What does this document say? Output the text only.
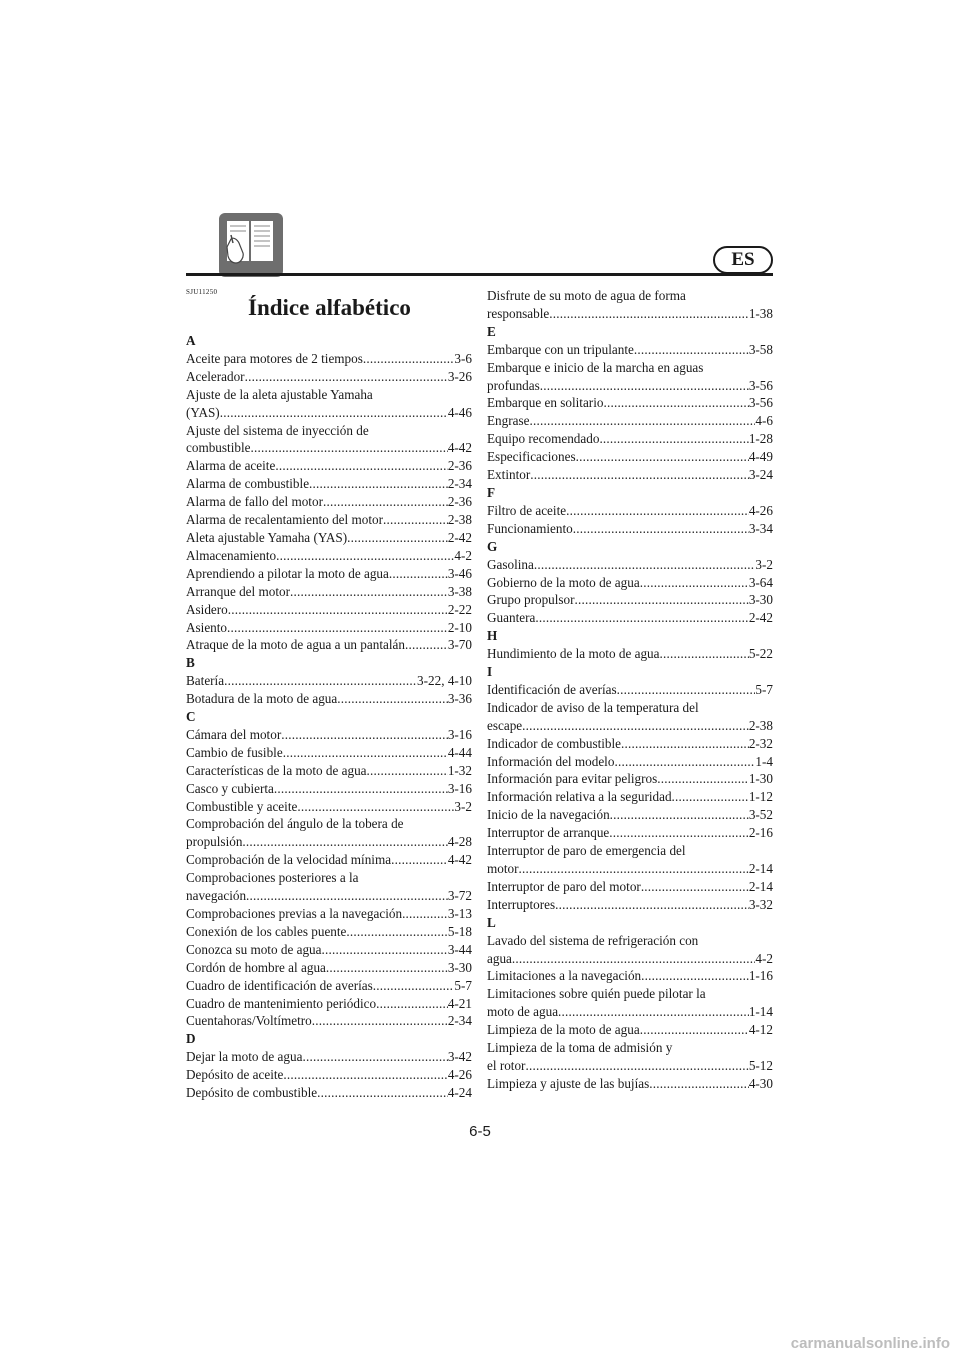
ES
SJU11250
Índice alfabético
A
Aceite para motores de 2 tiempos .....	3-6
Acelerador .....	3-26
Ajuste de la aleta ajustable Yamaha
(YAS) .....	4-46
Ajuste del sistema de inyección de
combustible .....	4-42
Alarma de aceite .....	2-36
Alarma de combustible .....	2-34
Alarma de fallo del motor .....	2-36
Alarma de recalentamiento del motor .....	2-38
Aleta ajustable Yamaha (YAS) .....	2-42
Almacenamiento .....	4-2
Aprendiendo a pilotar la moto de agua .....	3-46
Arranque del motor .....	3-38
Asidero .....	2-22
Asiento .....	2-10
Atraque de la moto de agua a un pantalán .....	3-70
B
Batería .....	3-22, 4-10
Botadura de la moto de agua .....	3-36
C
Cámara del motor .....	3-16
Cambio de fusible .....	4-44
Características de la moto de agua .....	1-32
Casco y cubierta .....	3-16
Combustible y aceite .....	3-2
Comprobación del ángulo de la tobera de
propulsión .....	4-28
Comprobación de la velocidad mínima .....	4-42
Comprobaciones posteriores a la
navegación .....	3-72
Comprobaciones previas a la navegación .....	3-13
Conexión de los cables puente .....	5-18
Conozca su moto de agua .....	3-44
Cordón de hombre al agua .....	3-30
Cuadro de identificación de averías .....	5-7
Cuadro de mantenimiento periódico .....	4-21
Cuentahoras/Voltímetro .....	2-34
D
Dejar la moto de agua .....	3-42
Depósito de aceite .....	4-26
Depósito de combustible .....	4-24
Disfrute de su moto de agua de forma
responsable .....	1-38
E
Embarque con un tripulante .....	3-58
Embarque e inicio de la marcha en aguas
profundas .....	3-56
Embarque en solitario .....	3-56
Engrase .....	4-6
Equipo recomendado .....	1-28
Especificaciones .....	4-49
Extintor .....	3-24
F
Filtro de aceite .....	4-26
Funcionamiento .....	3-34
G
Gasolina .....	3-2
Gobierno de la moto de agua .....	3-64
Grupo propulsor .....	3-30
Guantera .....	2-42
H
Hundimiento de la moto de agua .....	5-22
I
Identificación de averías .....	5-7
Indicador de aviso de la temperatura del
escape .....	2-38
Indicador de combustible .....	2-32
Información del modelo .....	1-4
Información para evitar peligros .....	1-30
Información relativa a la seguridad .....	1-12
Inicio de la navegación .....	3-52
Interruptor de arranque .....	2-16
Interruptor de paro de emergencia del
motor .....	2-14
Interruptor de paro del motor .....	2-14
Interruptores .....	3-32
L
Lavado del sistema de refrigeración con
agua .....	4-2
Limitaciones a la navegación .....	1-16
Limitaciones sobre quién puede pilotar la
moto de agua .....	1-14
Limpieza de la moto de agua .....	4-12
Limpieza de la toma de admisión y
el rotor .....	5-12
Limpieza y ajuste de las bujías .....	4-30
6-5
carmanualsonline.info
